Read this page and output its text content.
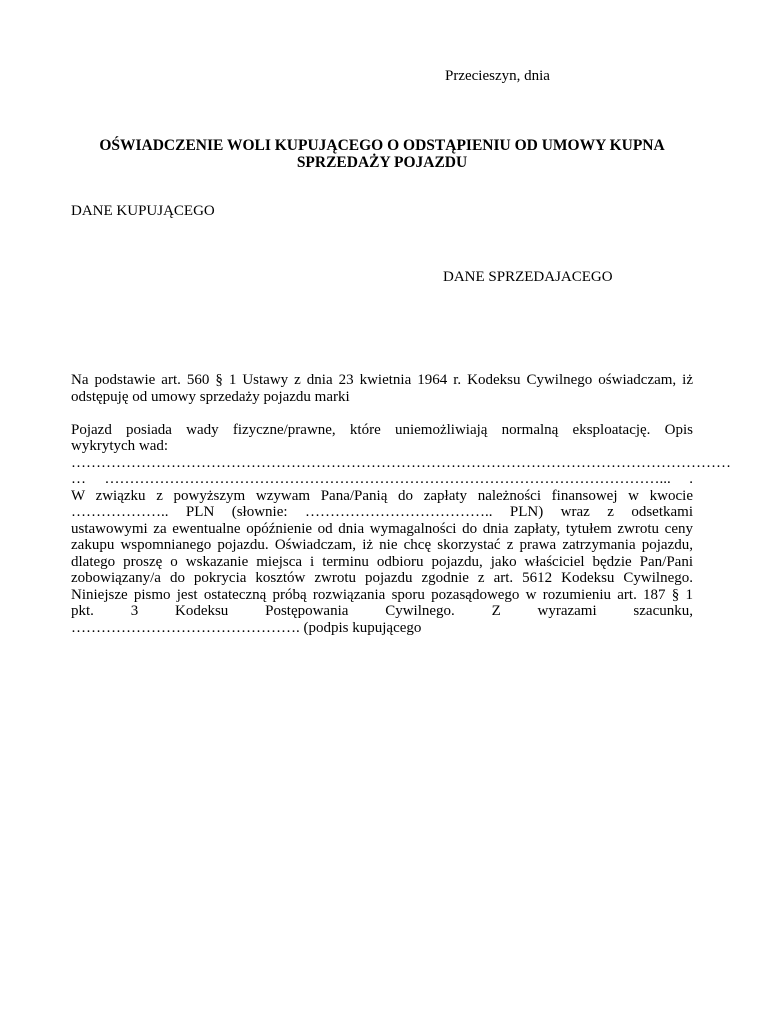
Przecieszyn, dnia
OŚWIADCZENIE WOLI KUPUJĄCEGO O ODSTĄPIENIU OD UMOWY KUPNA
SPRZEDAŻY POJAZDU
DANE KUPUJĄCEGO
DANE SPRZEDAJACEGO
Na podstawie art. 560 § 1 Ustawy z dnia 23 kwietnia 1964 r. Kodeksu Cywilnego oświadczam, iż
odstępuję od umowy sprzedaży pojazdu marki
Pojazd posiada wady fizyczne/prawne, które uniemożliwiają normalną eksploatację. Opis
wykrytych wad:
……………………………………………………………………………………………………………………
… …………………………………………………………………………………………………... .
W związku z powyższym wzywam Pana/Panią do zapłaty należności finansowej w kwocie
……………….. PLN (słownie: ……………………………….. PLN) wraz z odsetkami
ustawowymi za ewentualne opóźnienie od dnia wymagalności do dnia zapłaty, tytułem zwrotu ceny
zakupu wspomnianego pojazdu. Oświadczam, iż nie chcę skorzystać z prawa zatrzymania pojazdu,
dlatego proszę o wskazanie miejsca i terminu odbioru pojazdu, jako właściciel będzie Pan/Pani
zobowiązany/a do pokrycia kosztów zwrotu pojazdu zgodnie z art. 5612 Kodeksu Cywilnego.
Niniejsze pismo jest ostateczną próbą rozwiązania sporu pozasądowego w rozumieniu art. 187 § 1
pkt. 3 Kodeksu Postępowania Cywilnego. Z wyrazami szacunku,
………………………………………. (podpis kupującego
